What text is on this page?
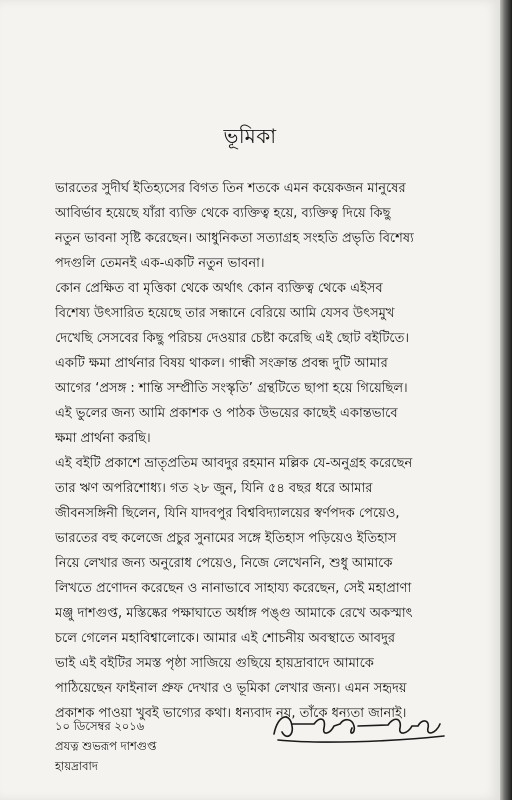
ভূমিকা

ভারতের সুদীর্ঘ ইতিহ্যসের বিগত তিন শতকে এমন কয়েকজন মানুষের

আবির্ভাব হয়েছে যাঁরা ব্যক্তি থেকে ব্যক্তিত্ব হয়ে, ব্যক্তিত্ব দিয়ে কিছু

নতুন ভাবনা সৃষ্টি করেছেন। আধুনিকতা সত্যাগ্রহ সংহতি প্রভৃতি বিশেষ্য

পদগুলি তেমনই এক-একটি নতুন ভাবনা।

কোন প্রেক্ষিত বা মৃত্তিকা থেকে অর্থাৎ কোন ব্যক্তিত্ব থেকে এইসব

বিশেষ্য উৎসারিত হয়েছে তার সন্ধানে বেরিয়ে আমি যেসব উৎসমুখ

দেখেছি সেসবের কিছু পরিচয় দেওয়ার চেষ্টা করেছি এই ছোট বইটিতে।

একটি ক্ষমা প্রার্থনার বিষয় থাকল। গান্ধী সংক্রান্ত প্রবন্ধ দুটি আমার

আগের ‘প্রসঙ্গ : শান্তি সম্প্রীতি সংস্কৃতি’ গ্রন্থটিতে ছাপা হয়ে গিয়েছিল।

এই ভুলের জন্য আমি প্রকাশক ও পাঠক উভয়ের কাছেই একান্তভাবে

ক্ষমা প্রার্থনা করছি।

এই বইটি প্রকাশে ভ্রাতৃপ্রতিম আবদুর রহমান মল্লিক যে-অনুগ্রহ করেছেন

তার ঋণ অপরিশোধ্য। গত ২৮ জুন, যিনি ৫৪ বছর ধরে আমার

জীবনসঙ্গিনী ছিলেন, যিনি যাদবপুর বিশ্ববিদ্যালয়ের স্বর্ণপদক পেয়েও,

ভারতের বহু কলেজে প্রচুর সুনামের সঙ্গে ইতিহাস পড়িয়েও ইতিহাস

নিয়ে লেখার জন্য অনুরোধ পেয়েও, নিজে লেখেননি, শুধু আমাকে

লিখতে প্রণোদন করেছেন ও নানাভাবে সাহায্য করেছেন, সেই মহাপ্রাণা

মঞ্জু দাশগুপ্ত, মস্তিষ্কের পক্ষাঘাতে অর্ধাঙ্গ পঙ্গু আমাকে রেখে অকস্মাৎ

চলে গেলেন মহাবিশ্বালোকে। আমার এই শোচনীয় অবস্থাতে আবদুর

ভাই এই বইটির সমস্ত পৃষ্ঠা সাজিয়ে গুছিয়ে হায়দ্রাবাদে আমাকে

পাঠিয়েছেন ফাইনাল প্রুফ দেখার ও ভূমিকা লেখার জন্য। এমন সহৃদয়

প্রকাশক পাওয়া খুবই ভাগ্যের কথা। ধন্যবাদ নয়, তাঁকে ধন্যতা জানাই।

১০ ডিসেম্বর ২০১৬

প্রযত্ন শুভরূপ দাশগুপ্ত

হায়দ্রাবাদ
